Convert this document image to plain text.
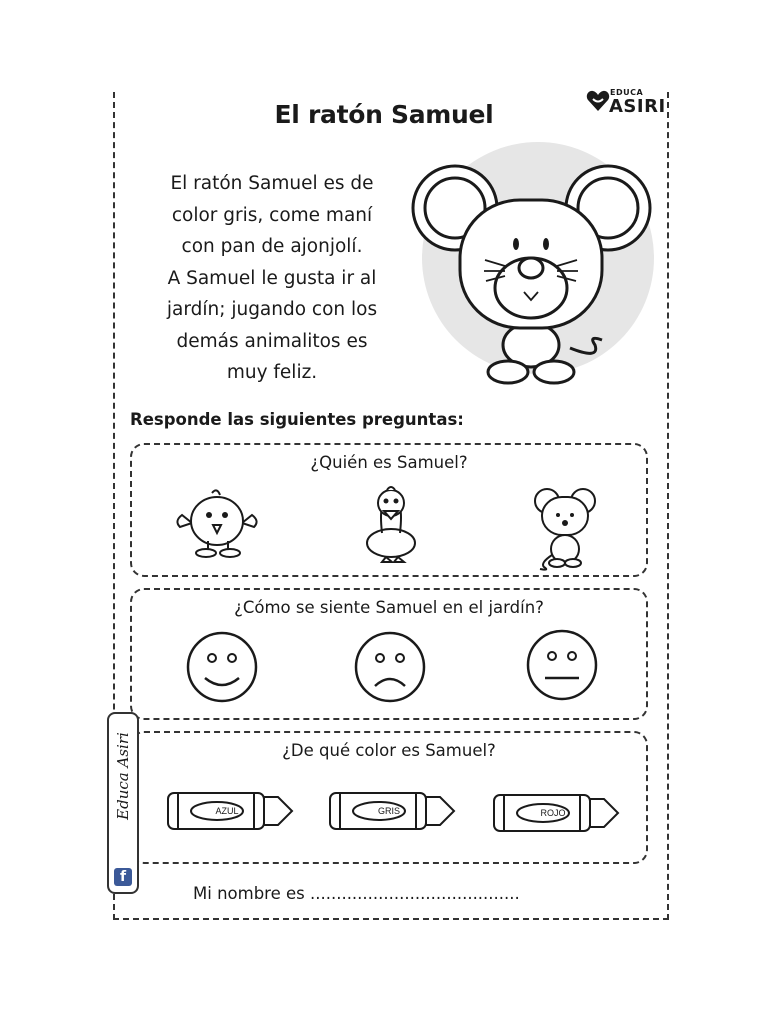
El ratón Samuel
EDUCA
ASIRI
El ratón Samuel es de
color gris, come maní
con pan de ajonjolí.
A Samuel le gusta ir al
jardín; jugando con los
demás animalitos es
muy feliz.
Responde las siguientes preguntas:
¿Quién es Samuel?
¿Cómo se siente Samuel en el jardín?
¿De qué color es Samuel?
AZUL	GRIS	ROJO
Educa Asiri
f
Mi nombre es ........................................
